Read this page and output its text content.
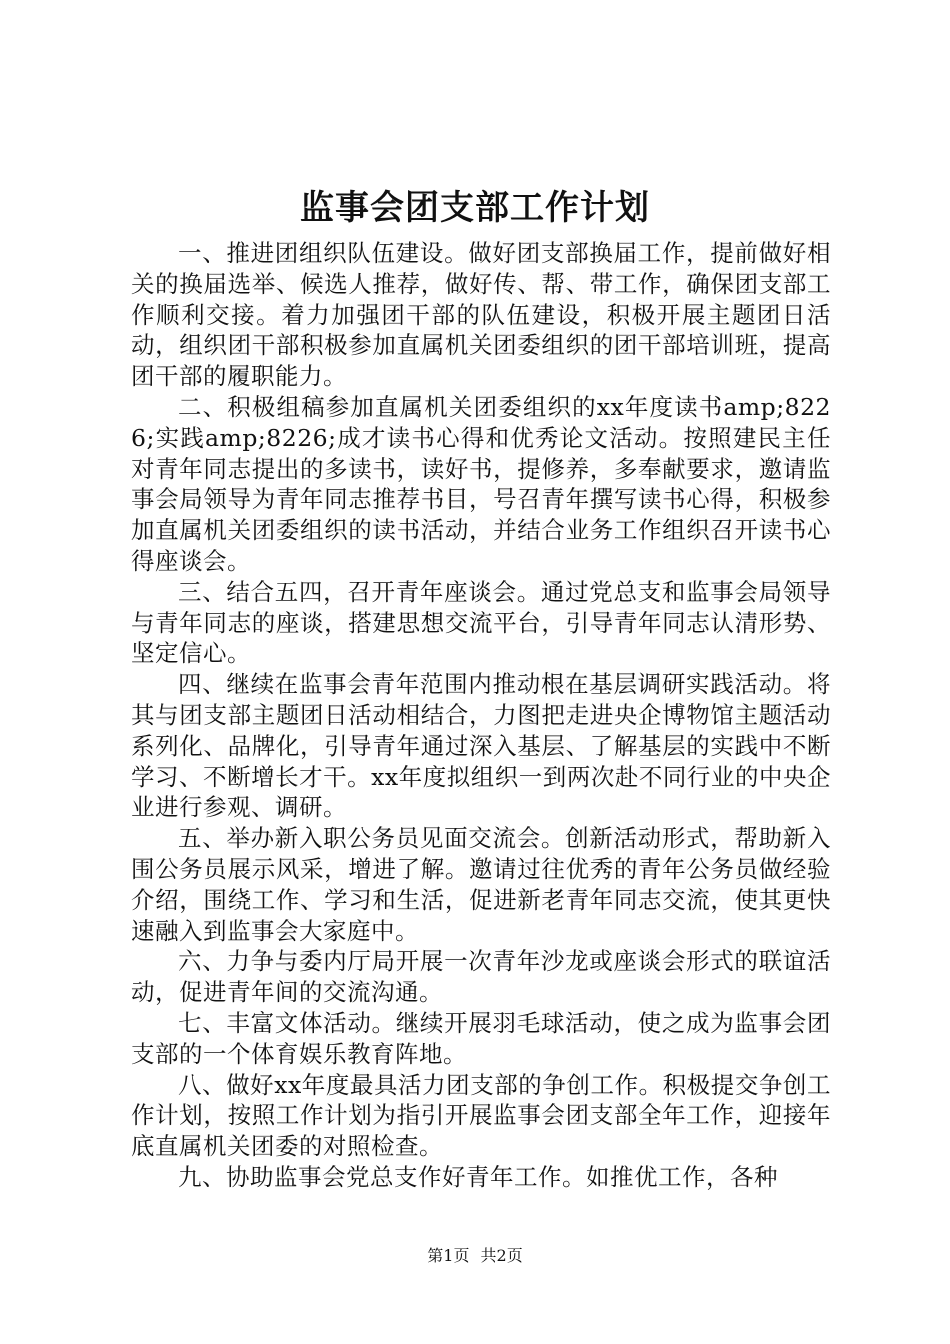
监事会团支部工作计划

一、推进团组织队伍建设。做好团支部换届工作，提前做好相关的换届选举、候选人推荐，做好传、帮、带工作，确保团支部工作顺利交接。着力加强团干部的队伍建设，积极开展主题团日活动，组织团干部积极参加直属机关团委组织的团干部培训班，提高团干部的履职能力。

二、积极组稿参加直属机关团委组织的xx年度读书amp;8226;实践amp;8226;成才读书心得和优秀论文活动。按照建民主任对青年同志提出的多读书，读好书，提修养，多奉献要求，邀请监事会局领导为青年同志推荐书目，号召青年撰写读书心得，积极参加直属机关团委组织的读书活动，并结合业务工作组织召开读书心得座谈会。

三、结合五四，召开青年座谈会。通过党总支和监事会局领导与青年同志的座谈，搭建思想交流平台，引导青年同志认清形势、坚定信心。

四、继续在监事会青年范围内推动根在基层调研实践活动。将其与团支部主题团日活动相结合，力图把走进央企博物馆主题活动系列化、品牌化，引导青年通过深入基层、了解基层的实践中不断学习、不断增长才干。xx年度拟组织一到两次赴不同行业的中央企业进行参观、调研。

五、举办新入职公务员见面交流会。创新活动形式，帮助新入围公务员展示风采，增进了解。邀请过往优秀的青年公务员做经验介绍，围绕工作、学习和生活，促进新老青年同志交流，使其更快速融入到监事会大家庭中。

六、力争与委内厅局开展一次青年沙龙或座谈会形式的联谊活动，促进青年间的交流沟通。

七、丰富文体活动。继续开展羽毛球活动，使之成为监事会团支部的一个体育娱乐教育阵地。

八、做好xx年度最具活力团支部的争创工作。积极提交争创工作计划，按照工作计划为指引开展监事会团支部全年工作，迎接年底直属机关团委的对照检查。

九、协助监事会党总支作好青年工作。如推优工作，各种

第1页 共2页
